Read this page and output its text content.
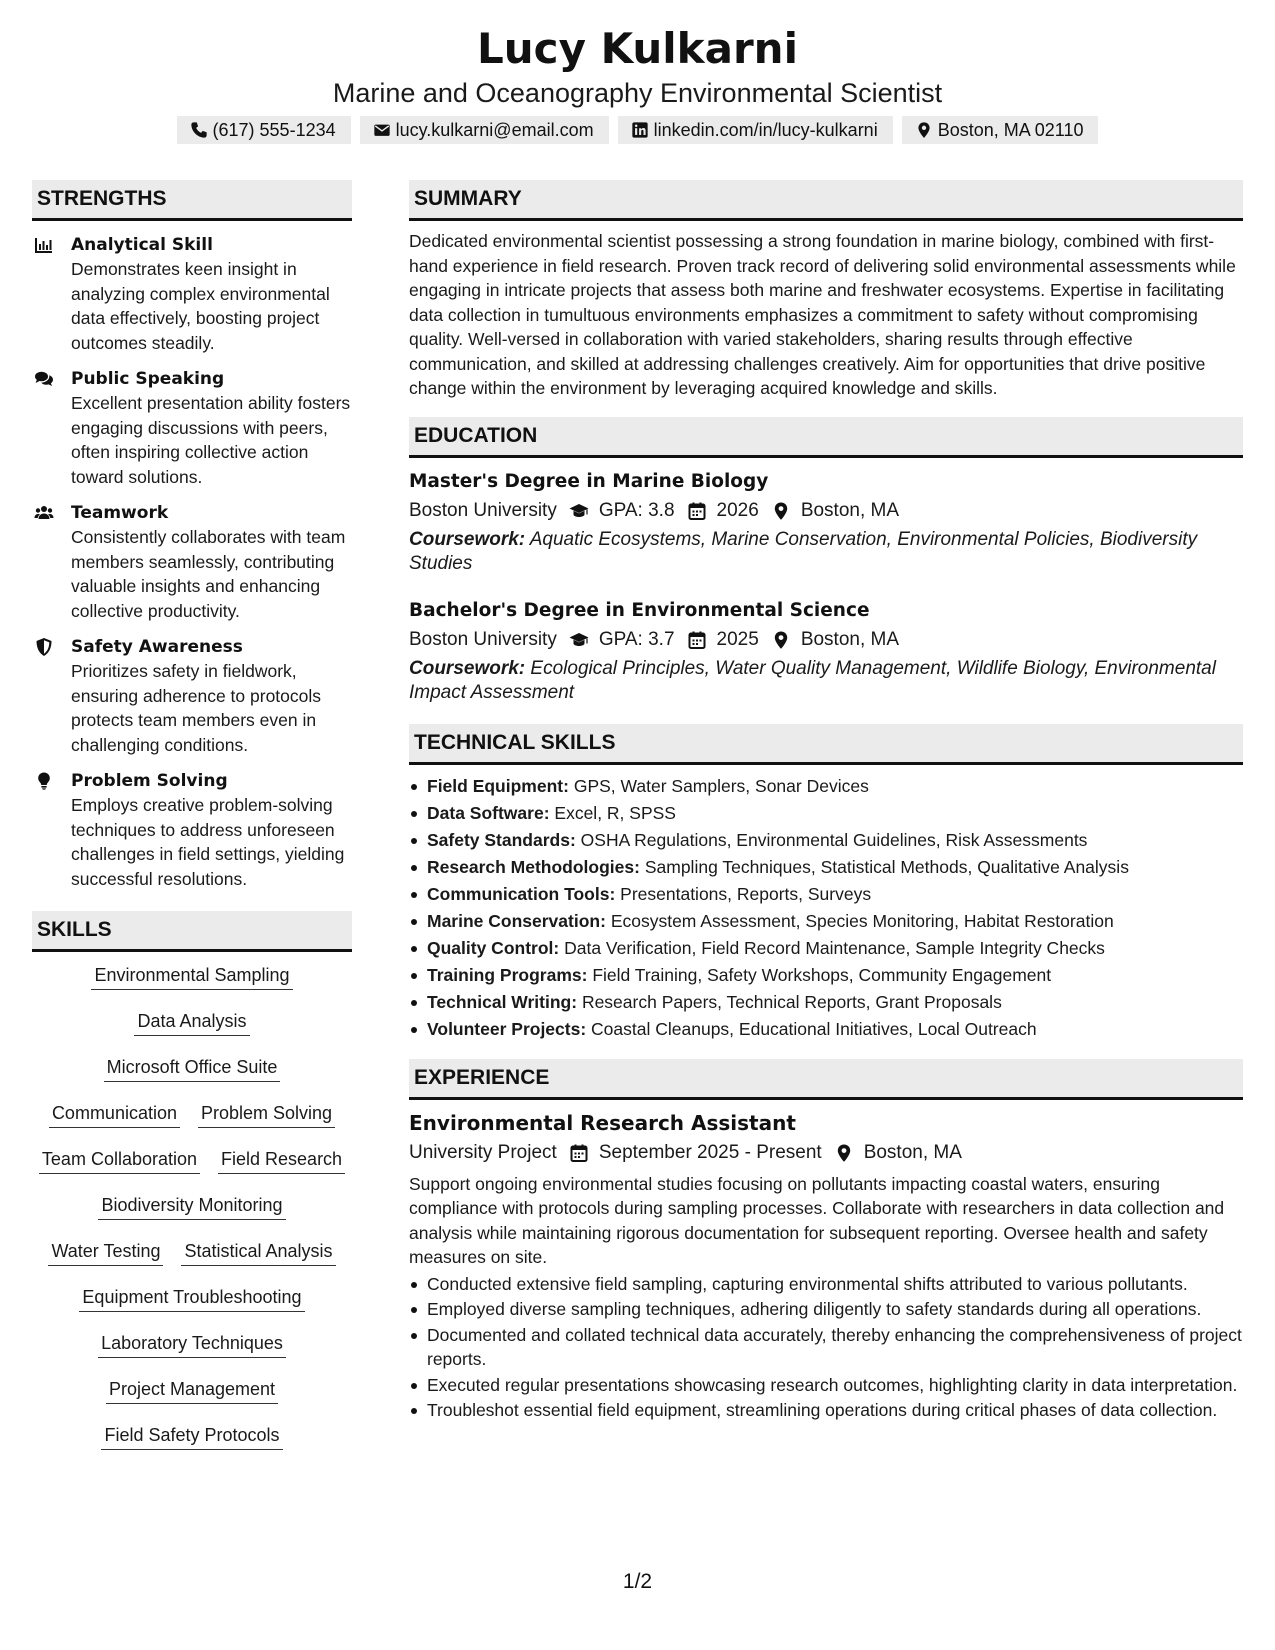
Lucy Kulkarni
Marine and Oceanography Environmental Scientist
(617) 555-1234	lucy.kulkarni@email.com	linkedin.com/in/lucy-kulkarni	Boston, MA 02110
STRENGTHS
Analytical Skill
Demonstrates keen insight in analyzing complex environmental data effectively, boosting project outcomes steadily.
Public Speaking
Excellent presentation ability fosters engaging discussions with peers, often inspiring collective action toward solutions.
Teamwork
Consistently collaborates with team members seamlessly, contributing valuable insights and enhancing collective productivity.
Safety Awareness
Prioritizes safety in fieldwork, ensuring adherence to protocols protects team members even in challenging conditions.
Problem Solving
Employs creative problem-solving techniques to address unforeseen challenges in field settings, yielding successful resolutions.
SKILLS
Environmental Sampling
Data Analysis
Microsoft Office Suite
Communication Problem Solving
Team Collaboration Field Research
Biodiversity Monitoring
Water Testing Statistical Analysis
Equipment Troubleshooting
Laboratory Techniques
Project Management
Field Safety Protocols
SUMMARY
Dedicated environmental scientist possessing a strong foundation in marine biology, combined with first-hand experience in field research. Proven track record of delivering solid environmental assessments while engaging in intricate projects that assess both marine and freshwater ecosystems. Expertise in facilitating data collection in tumultuous environments emphasizes a commitment to safety without compromising quality. Well-versed in collaboration with varied stakeholders, sharing results through effective communication, and skilled at addressing challenges creatively. Aim for opportunities that drive positive change within the environment by leveraging acquired knowledge and skills.
EDUCATION
Master's Degree in Marine Biology
Boston University GPA: 3.8 2026 Boston, MA
Coursework: Aquatic Ecosystems, Marine Conservation, Environmental Policies, Biodiversity Studies
Bachelor's Degree in Environmental Science
Boston University GPA: 3.7 2025 Boston, MA
Coursework: Ecological Principles, Water Quality Management, Wildlife Biology, Environmental Impact Assessment
TECHNICAL SKILLS
Field Equipment: GPS, Water Samplers, Sonar Devices
Data Software: Excel, R, SPSS
Safety Standards: OSHA Regulations, Environmental Guidelines, Risk Assessments
Research Methodologies: Sampling Techniques, Statistical Methods, Qualitative Analysis
Communication Tools: Presentations, Reports, Surveys
Marine Conservation: Ecosystem Assessment, Species Monitoring, Habitat Restoration
Quality Control: Data Verification, Field Record Maintenance, Sample Integrity Checks
Training Programs: Field Training, Safety Workshops, Community Engagement
Technical Writing: Research Papers, Technical Reports, Grant Proposals
Volunteer Projects: Coastal Cleanups, Educational Initiatives, Local Outreach
EXPERIENCE
Environmental Research Assistant
University Project September 2025 - Present Boston, MA
Support ongoing environmental studies focusing on pollutants impacting coastal waters, ensuring compliance with protocols during sampling processes. Collaborate with researchers in data collection and analysis while maintaining rigorous documentation for subsequent reporting. Oversee health and safety measures on site.
Conducted extensive field sampling, capturing environmental shifts attributed to various pollutants.
Employed diverse sampling techniques, adhering diligently to safety standards during all operations.
Documented and collated technical data accurately, thereby enhancing the comprehensiveness of project reports.
Executed regular presentations showcasing research outcomes, highlighting clarity in data interpretation.
Troubleshot essential field equipment, streamlining operations during critical phases of data collection.
1/2
